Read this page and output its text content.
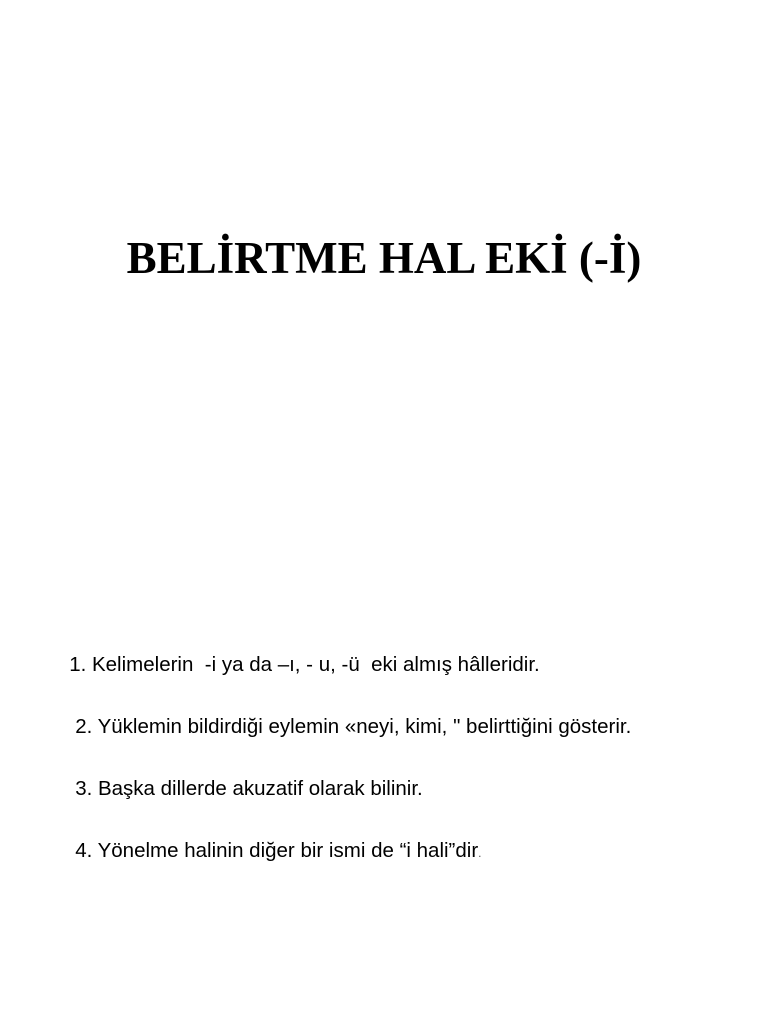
BELİRTME HAL EKİ (-İ)

1. Kelimelerin  -i ya da –ı, - u, -ü  eki almış hâlleridir.

2. Yüklemin bildirdiği eylemin «neyi, kimi, " belirttiğini gösterir.

3. Başka dillerde akuzatif olarak bilinir.

4. Yönelme halinin diğer bir ismi de “i hali”dir.
